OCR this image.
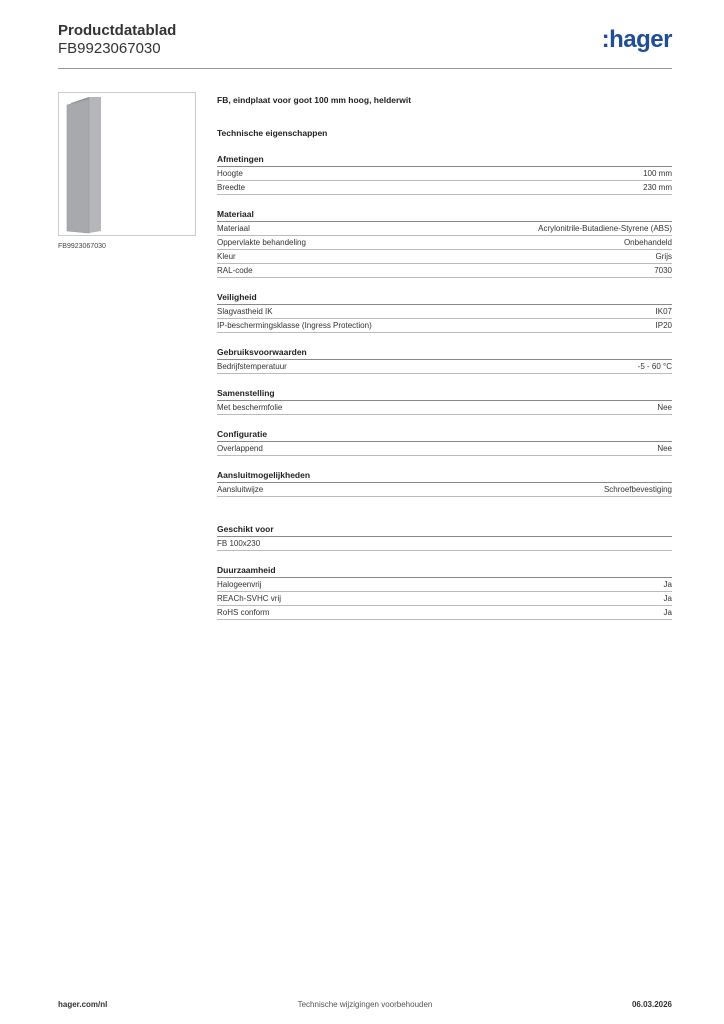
Productdatablad
FB9923067030	:hager
FB9923067030
FB, eindplaat voor goot 100 mm hoog, helderwit
Technische eigenschappen
Afmetingen
Hoogte	100 mm
Breedte	230 mm
Materiaal
Materiaal	Acrylonitrile-Butadiene-Styrene (ABS)
Oppervlakte behandeling	Onbehandeld
Kleur	Grijs
RAL-code	7030
Veiligheid
Slagvastheid IK	IK07
IP-beschermingsklasse (Ingress Protection)	IP20
Gebruiksvoorwaarden
Bedrijfstemperatuur	-5 - 60 °C
Samenstelling
Met beschermfolie	Nee
Configuratie
Overlappend	Nee
Aansluitmogelijkheden
Aansluitwijze	Schroefbevestiging
Geschikt voor
FB 100x230
Duurzaamheid
Halogeenvrij	Ja
REACh-SVHC vrij	Ja
RoHS conform	Ja
hager.com/nl	Technische wijzigingen voorbehouden	06.03.2026
